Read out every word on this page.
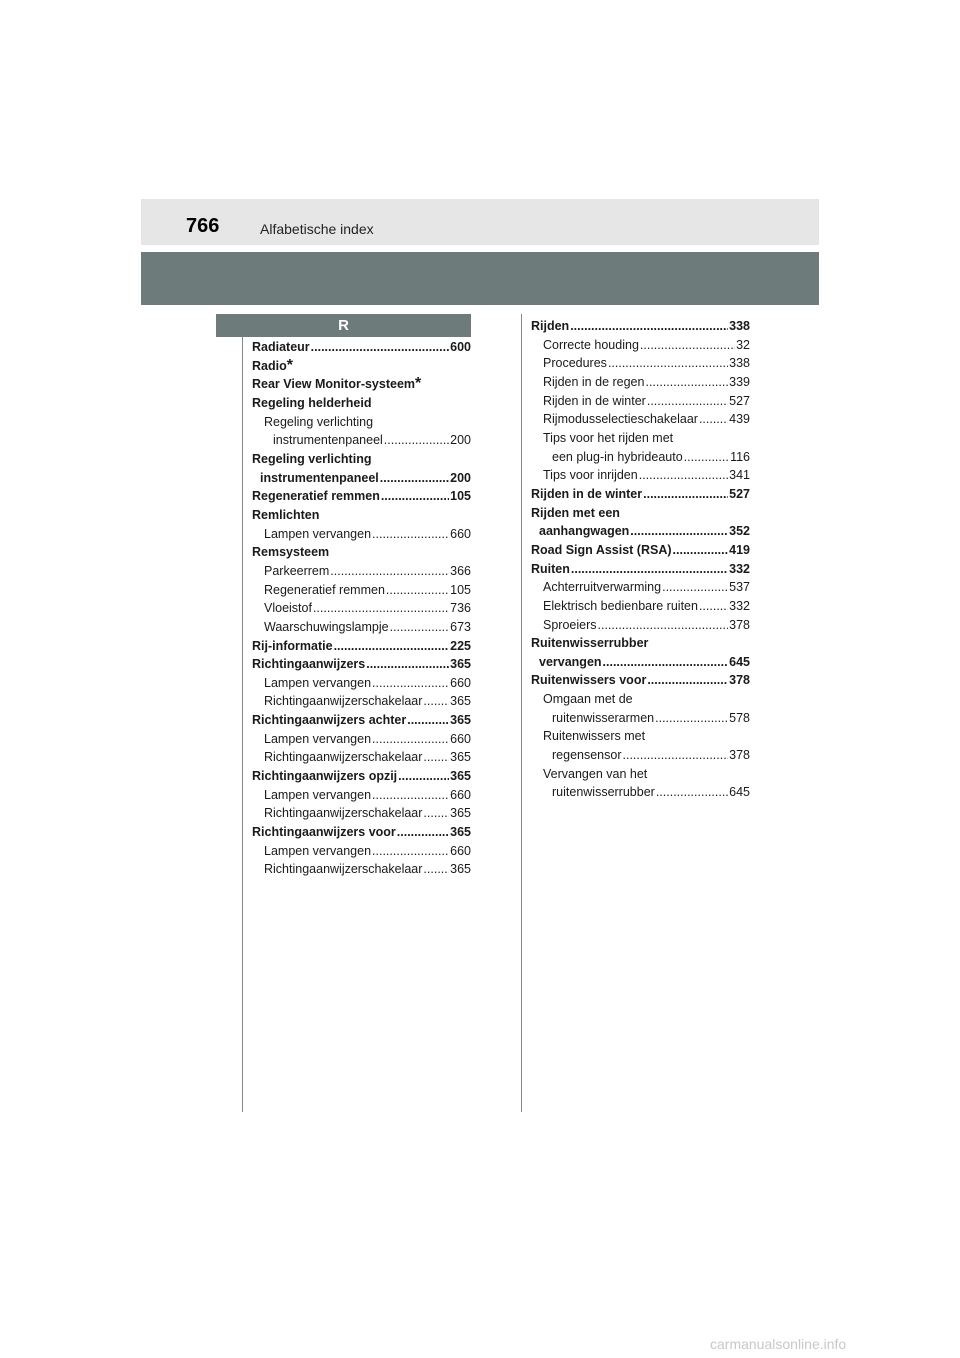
766	Alfabetische index
R
Radiateur .....	600
Radio *
Rear View Monitor-systeem *
Regeling helderheid
Regeling verlichting
instrumentenpaneel .....	200
Regeling verlichting
instrumentenpaneel .....	200
Regeneratief remmen .....	105
Remlichten
Lampen vervangen .....	660
Remsysteem
Parkeerrem .....	366
Regeneratief remmen .....	105
Vloeistof .....	736
Waarschuwingslampje .....	673
Rij-informatie .....	225
Richtingaanwijzers .....	365
Lampen vervangen .....	660
Richtingaanwijzerschakelaar ..... 365
Richtingaanwijzers achter .....	365
Lampen vervangen .....	660
Richtingaanwijzerschakelaar ..... 365
Richtingaanwijzers opzij .....	365
Lampen vervangen .....	660
Richtingaanwijzerschakelaar ..... 365
Richtingaanwijzers voor .....	365
Lampen vervangen .....	660
Richtingaanwijzerschakelaar ..... 365
Rijden .....	338
Correcte houding .....	32
Procedures .....	338
Rijden in de regen .....	339
Rijden in de winter .....	527
Rijmodusselectieschakelaar ..... 439
Tips voor het rijden met
een plug-in hybrideauto .....	116
Tips voor inrijden .....	341
Rijden in de winter .....	527
Rijden met een
aanhangwagen .....	352
Road Sign Assist (RSA) .....	419
Ruiten .....	332
Achterruitverwarming .....	537
Elektrisch bedienbare ruiten ..... 332
Sproeiers .....	378
Ruitenwisserrubber
vervangen .....	645
Ruitenwissers voor .....	378
Omgaan met de
ruitenwisserarmen .....	578
Ruitenwissers met
regensensor .....	378
Vervangen van het
ruitenwisserrubber .....	645
carmanualsonline.info
